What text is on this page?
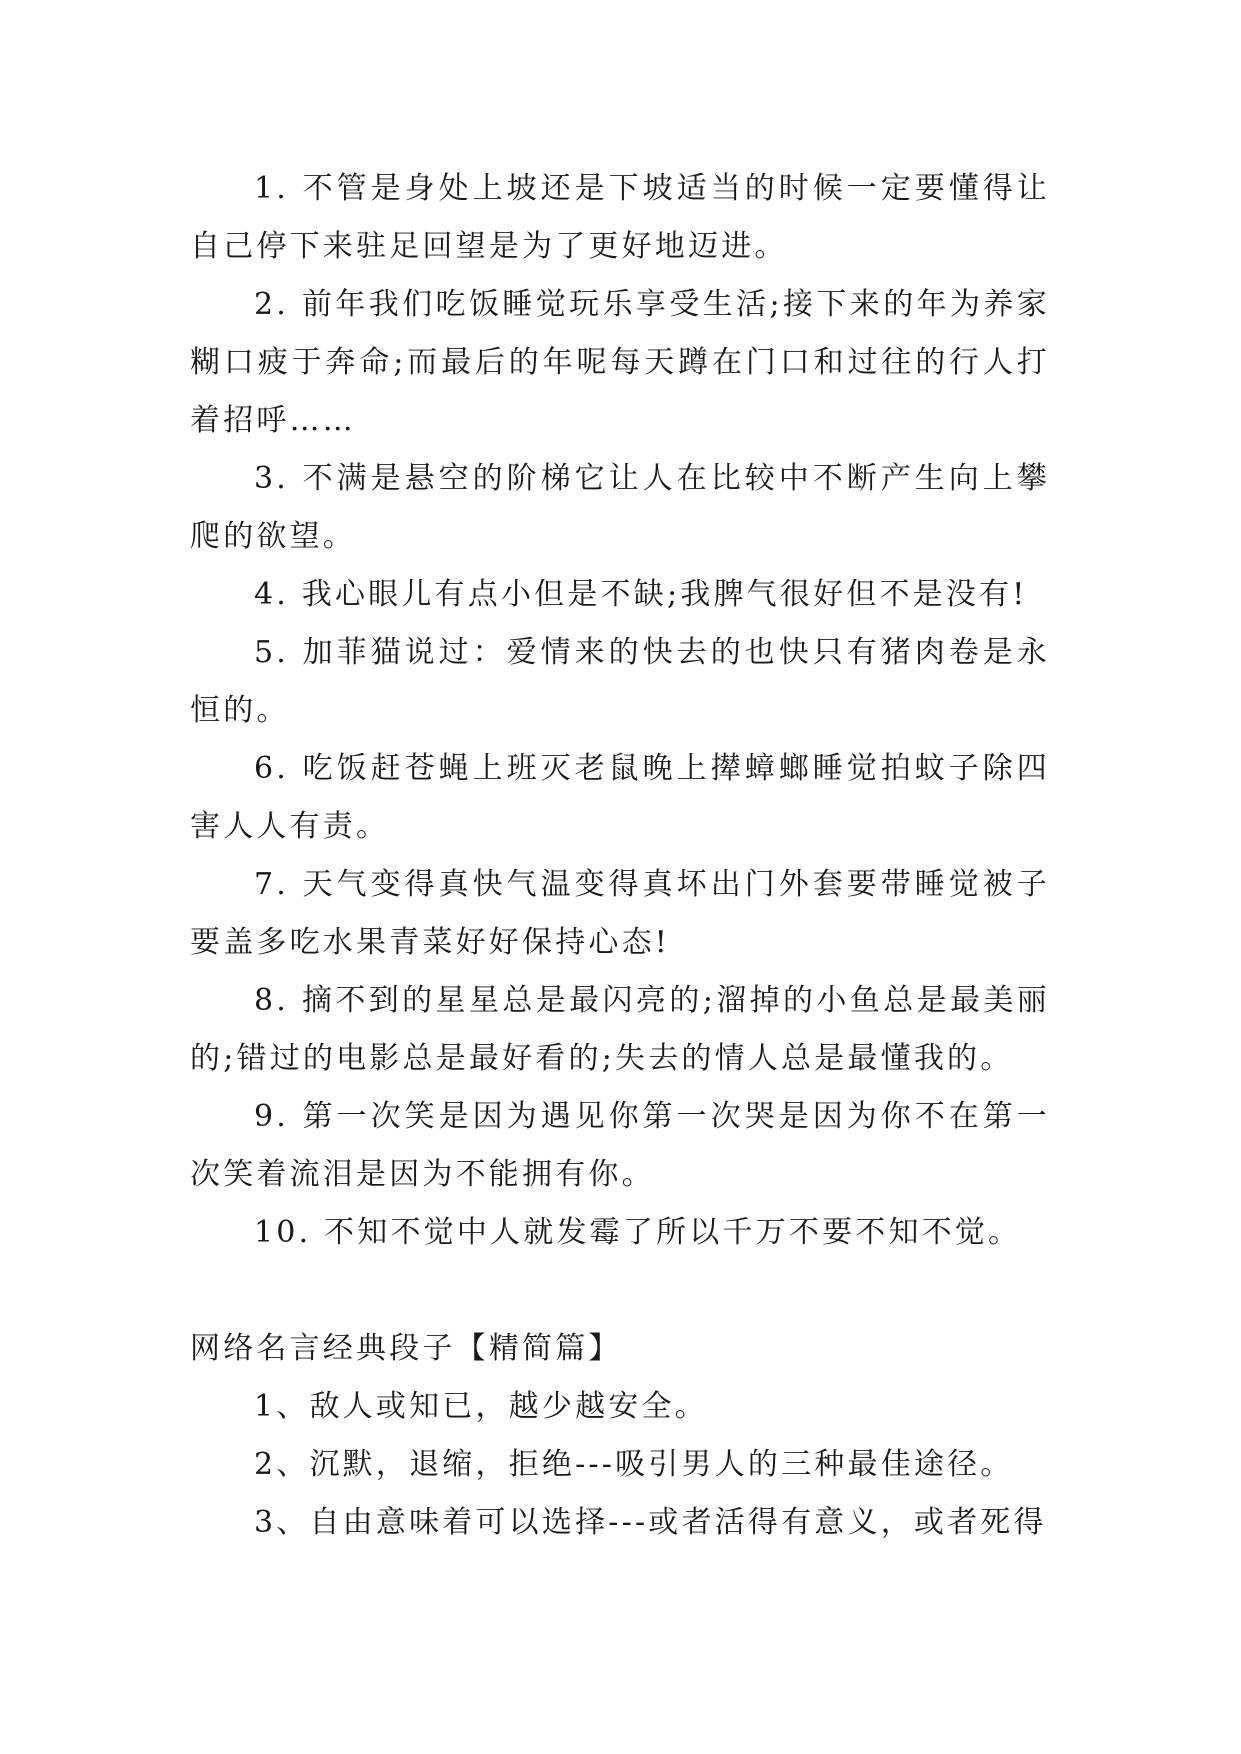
1. 不管是身处上坡还是下坡适当的时候一定要懂得让自己停下来驻足回望是为了更好地迈进。

2. 前年我们吃饭睡觉玩乐享受生活;接下来的年为养家糊口疲于奔命;而最后的年呢每天蹲在门口和过往的行人打着招呼……

3. 不满是悬空的阶梯它让人在比较中不断产生向上攀爬的欲望。

4. 我心眼儿有点小但是不缺;我脾气很好但不是没有!

5. 加菲猫说过：爱情来的快去的也快只有猪肉卷是永恒的。

6. 吃饭赶苍蝇上班灭老鼠晚上撵蟑螂睡觉拍蚊子除四害人人有责。

7. 天气变得真快气温变得真坏出门外套要带睡觉被子要盖多吃水果青菜好好保持心态!

8. 摘不到的星星总是最闪亮的;溜掉的小鱼总是最美丽的;错过的电影总是最好看的;失去的情人总是最懂我的。

9. 第一次笑是因为遇见你第一次哭是因为你不在第一次笑着流泪是因为不能拥有你。

10. 不知不觉中人就发霉了所以千万不要不知不觉。

网络名言经典段子【精简篇】

1、敌人或知已，越少越安全。

2、沉默，退缩，拒绝---吸引男人的三种最佳途径。

3、自由意味着可以选择---或者活得有意义，或者死得
